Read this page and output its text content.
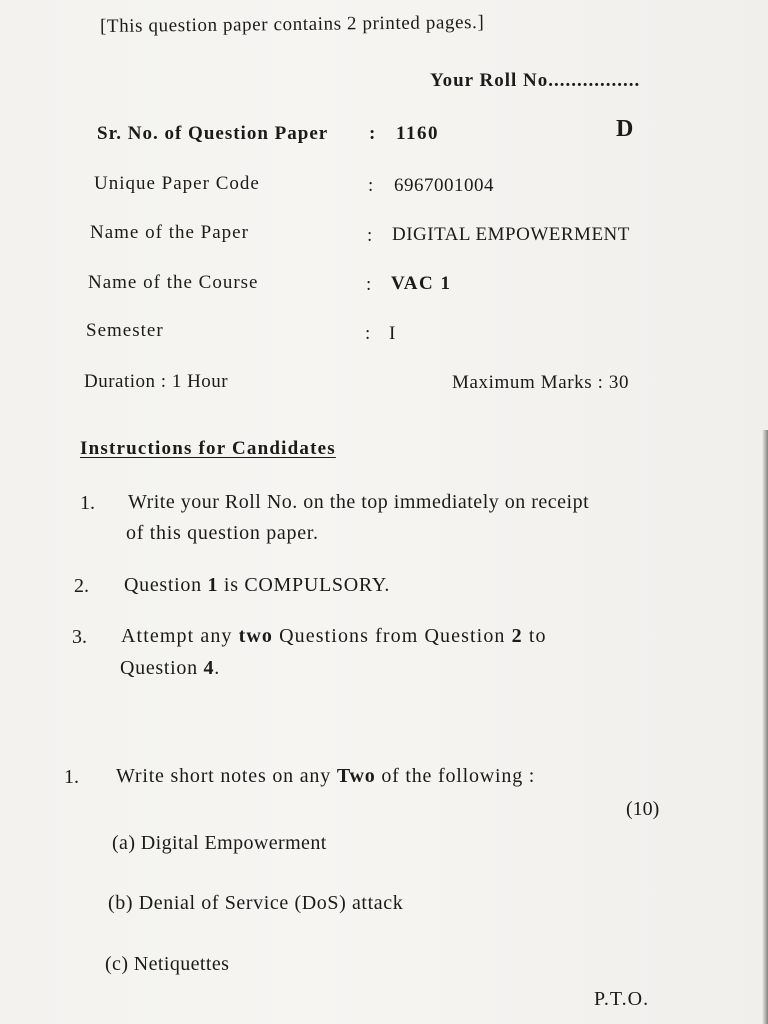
[This question paper contains 2 printed pages.]
Your Roll No................
D
Sr. No. of Question Paper : 1160
Unique Paper Code	: 6967001004
Name of the Paper	: DIGITAL EMPOWERMENT
Name of the Course	: VAC 1
Semester	: I
Duration : 1 Hour	Maximum Marks : 30
Instructions for Candidates
1. Write your Roll No. on the top immediately on receipt
of this question paper.
2. Question 1 is COMPULSORY.
3. Attempt any two Questions from Question 2 to
Question 4.
1. Write short notes on any Two of the following :
(10)
(a) Digital Empowerment
(b) Denial of Service (DoS) attack
(c) Netiquettes
P.T.O.
